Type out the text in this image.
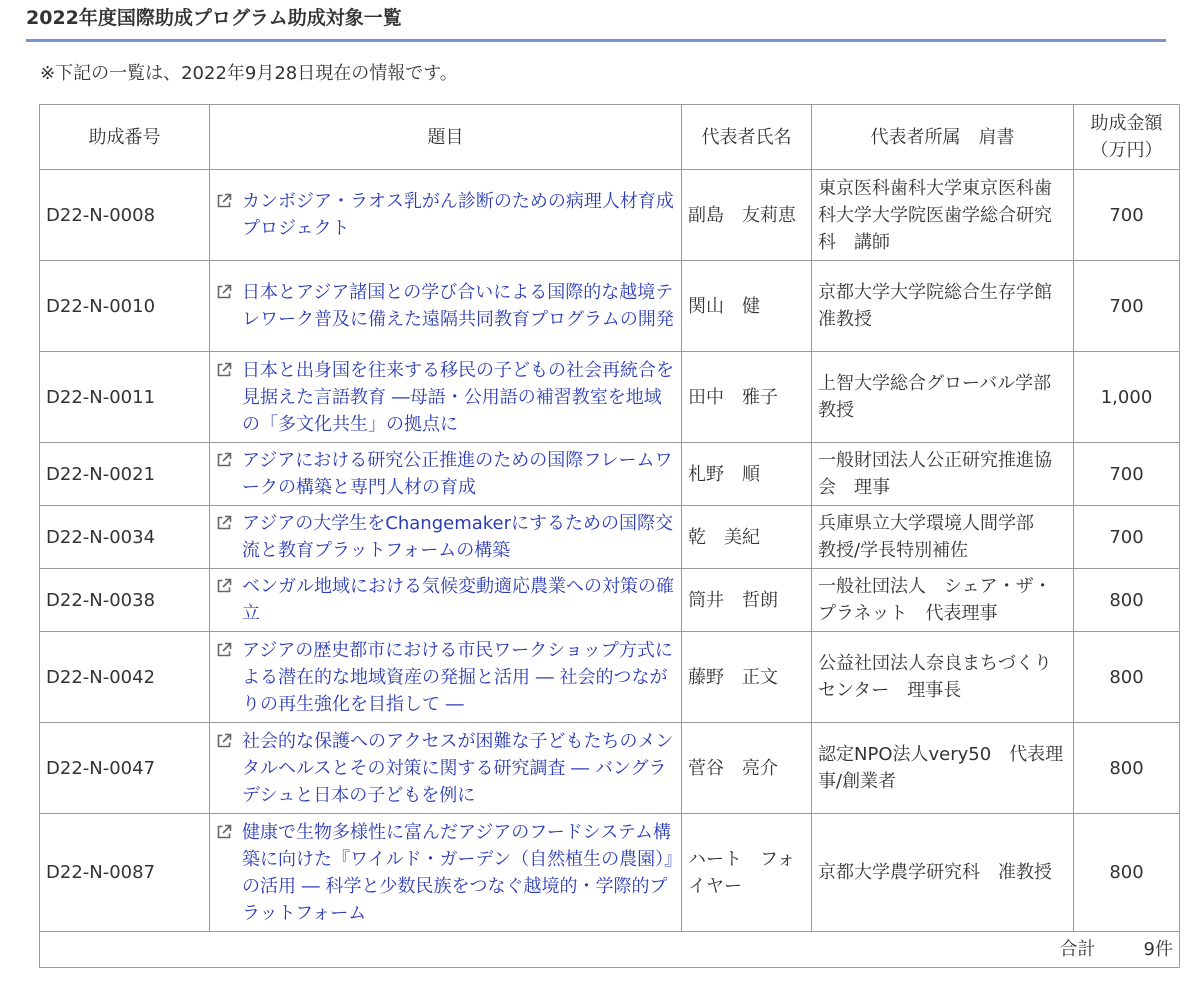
2022年度国際助成プログラム助成対象一覧

※下記の一覧は、2022年9月28日現在の情報です。

助成番号	題目	代表者氏名	代表者所属　肩書	助成金額
（万円）
D22-N-0008	カンボジア・ラオス乳がん診断のための病理人材育成プロジェクト	副島　友莉恵	東京医科歯科大学東京医科歯科大学大学院医歯学総合研究科　講師	700
D22-N-0010	日本とアジア諸国との学び合いによる国際的な越境テレワーク普及に備えた遠隔共同教育プログラムの開発	関山　健	京都大学大学院総合生存学館　准教授	700
D22-N-0011	日本と出身国を往来する移民の子どもの社会再統合を見据えた言語教育 ―母語・公用語の補習教室を地域の「多文化共生」の拠点に	田中　雅子	上智大学総合グローバル学部　教授	1,000
D22-N-0021	アジアにおける研究公正推進のための国際フレームワークの構築と専門人材の育成	札野　順	一般財団法人公正研究推進協会　理事	700
D22-N-0034	アジアの大学生をChangemakerにするための国際交流と教育プラットフォームの構築	乾　美紀	兵庫県立大学環境人間学部　教授/学長特別補佐	700
D22-N-0038	ベンガル地域における気候変動適応農業への対策の確立	筒井　哲朗	一般社団法人　シェア・ザ・プラネット　代表理事	800
D22-N-0042	アジアの歴史都市における市民ワークショップ方式による潜在的な地域資産の発掘と活用 ― 社会的つながりの再生強化を目指して ―	藤野　正文	公益社団法人奈良まちづくりセンター　理事長	800
D22-N-0047	社会的な保護へのアクセスが困難な子どもたちのメンタルヘルスとその対策に関する研究調査 ― バングラデシュと日本の子どもを例に	菅谷　亮介	認定NPO法人very50　代表理事/創業者	800
D22-N-0087	健康で生物多様性に富んだアジアのフードシステム構築に向けた『ワイルド・ガーデン（自然植生の農園）』の活用 ― 科学と少数民族をつなぐ越境的・学際的プラットフォーム	ハート　フォイヤー	京都大学農学研究科　准教授	800
合計 9件				
